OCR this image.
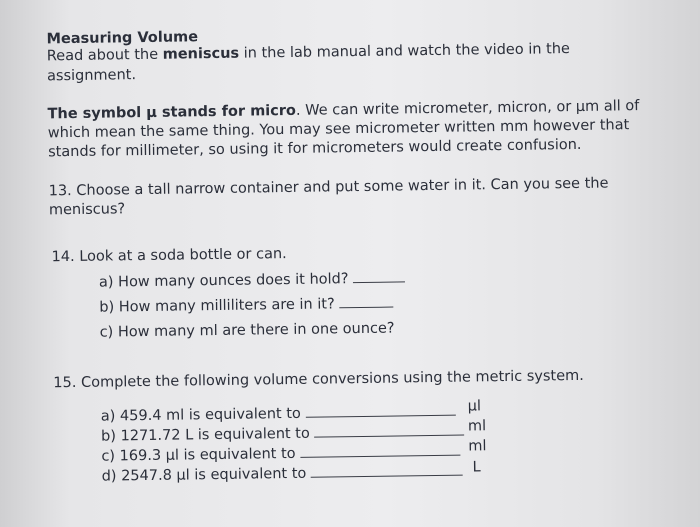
Measuring Volume
Read about the meniscus in the lab manual and watch the video in the
assignment.
The symbol µ stands for micro. We can write micrometer, micron, or µm all of
which mean the same thing. You may see micrometer written mm however that
stands for millimeter, so using it for micrometers would create confusion.
13. Choose a tall narrow container and put some water in it. Can you see the
meniscus?
14. Look at a soda bottle or can.
a) How many ounces does it hold?
b) How many milliliters are in it?
c) How many ml are there in one ounce?
15. Complete the following volume conversions using the metric system.
a) 459.4 ml is equivalent to	µl
b) 1271.72 L is equivalent to	ml
c) 169.3 µl is equivalent to	ml
d) 2547.8 µl is equivalent to	L
